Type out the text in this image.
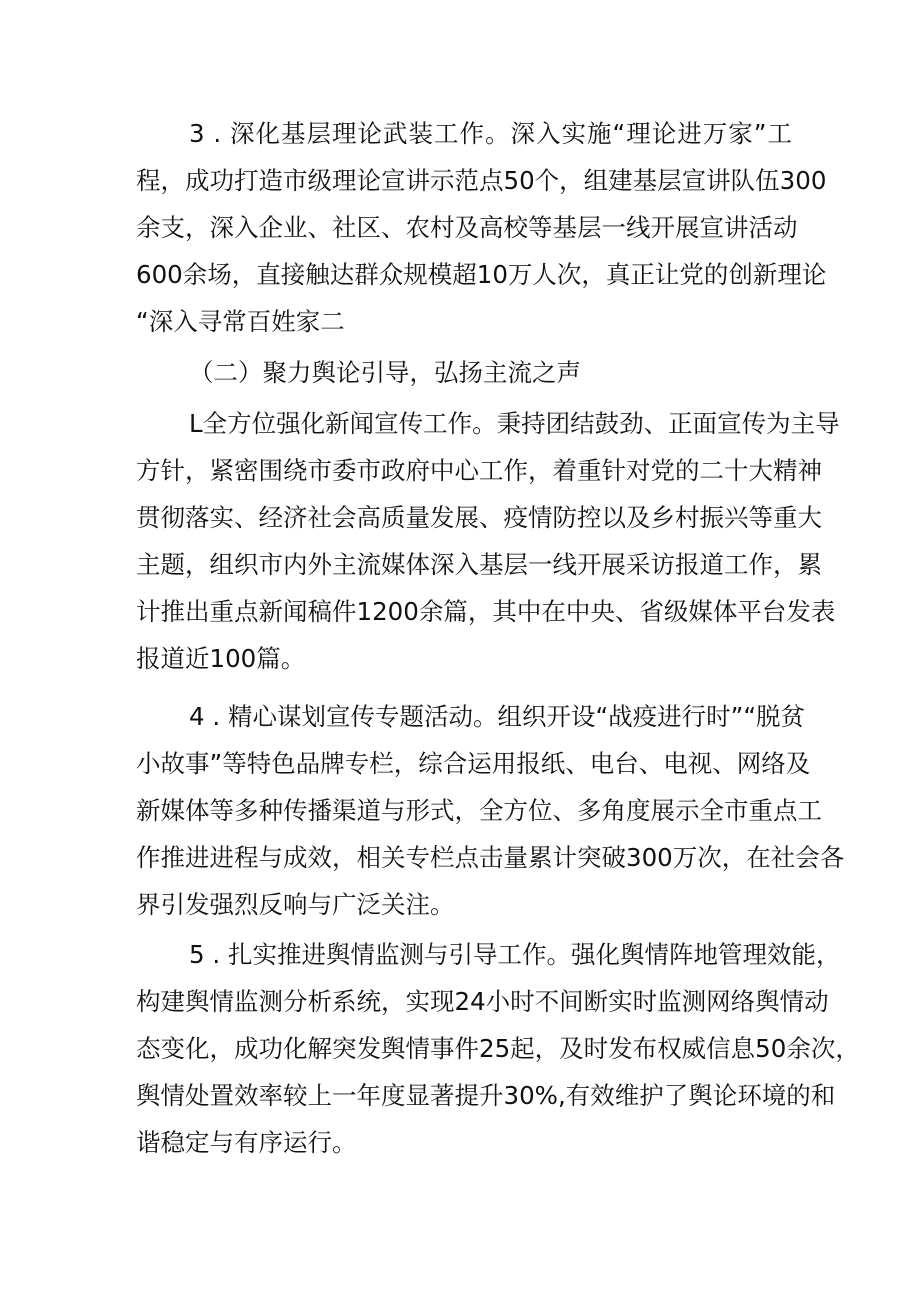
3 . 深化基层理论武装工作。深入实施“理论进万家”工
程，成功打造市级理论宣讲示范点50个，组建基层宣讲队伍300
余支，深入企业、社区、农村及高校等基层一线开展宣讲活动
600余场，直接触达群众规模超10万人次，真正让党的创新理论
“深入寻常百姓家二
（二）聚力舆论引导，弘扬主流之声
L全方位强化新闻宣传工作。秉持团结鼓劲、正面宣传为主导
方针，紧密围绕市委市政府中心工作，着重针对党的二十大精神
贯彻落实、经济社会高质量发展、疫情防控以及乡村振兴等重大
主题，组织市内外主流媒体深入基层一线开展采访报道工作，累
计推出重点新闻稿件1200余篇，其中在中央、省级媒体平台发表
报道近100篇。
4 . 精心谋划宣传专题活动。组织开设“战疫进行时”“脱贫
小故事”等特色品牌专栏，综合运用报纸、电台、电视、网络及
新媒体等多种传播渠道与形式，全方位、多角度展示全市重点工
作推进进程与成效，相关专栏点击量累计突破300万次，在社会各
界引发强烈反响与广泛关注。
5 . 扎实推进舆情监测与引导工作。强化舆情阵地管理效能，
构建舆情监测分析系统，实现24小时不间断实时监测网络舆情动
态变化，成功化解突发舆情事件25起，及时发布权威信息50余次，
舆情处置效率较上一年度显著提升30%,有效维护了舆论环境的和
谐稳定与有序运行。
